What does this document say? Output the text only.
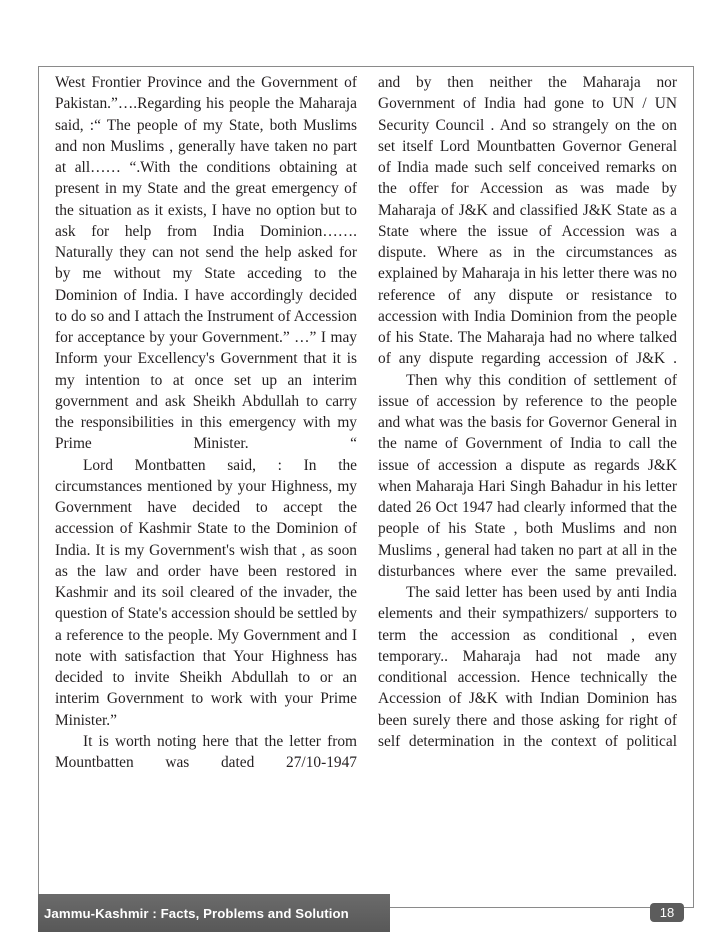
West Frontier Province and the Government of Pakistan.”….Regarding his people the Maharaja said, :“ The people of my State, both Muslims and non Muslims , generally have taken no part at all…… “.With the conditions obtaining at present in my State and the great emergency of the situation as it exists, I have no option but to ask for help from India Dominion……. Naturally they can not send the help asked for by me without my State acceding to the Dominion of India. I have accordingly decided to do so and I attach the Instrument of Accession for acceptance by your Government.” …” I may Inform your Excellency's Government that it is my intention to at once set up an interim government and ask Sheikh Abdullah to carry the responsibilities in this emergency with my Prime Minister. “

Lord Montbatten said, : In the circumstances mentioned by your Highness, my Government have decided to accept the accession of Kashmir State to the Dominion of India. It is my Government's wish that , as soon as the law and order have been restored in Kashmir and its soil cleared of the invader, the question of State's accession should be settled by a reference to the people. My Government and I note with satisfaction that Your Highness has decided to invite Sheikh Abdullah to or an interim Government to work with your Prime Minister.”

It is worth noting here that the letter from Mountbatten was dated 27/10-1947

and by then neither the Maharaja nor Government of India had gone to UN / UN Security Council . And so strangely on the on set itself Lord Mountbatten Governor General of India made such self conceived remarks on the offer for Accession as was made by Maharaja of J&K and classified J&K State as a State where the issue of Accession was a dispute. Where as in the circumstances as explained by Maharaja in his letter there was no reference of any dispute or resistance to accession with India Dominion from the people of his State. The Maharaja had no where talked of any dispute regarding accession of J&K .

Then why this condition of settlement of issue of accession by reference to the people and what was the basis for Governor General in the name of Government of India to call the issue of accession a dispute as regards J&K when Maharaja Hari Singh Bahadur in his letter dated 26 Oct 1947 had clearly informed that the people of his State , both Muslims and non Muslims , general had taken no part at all in the disturbances where ever the same prevailed.

The said letter has been used by anti India elements and their sympathizers/ supporters to term the accession as conditional , even temporary.. Maharaja had not made any conditional accession. Hence technically the Accession of J&K with Indian Dominion has been surely there and those asking for right of self determination in the context of political

Jammu-Kashmir : Facts, Problems and Solution	18
